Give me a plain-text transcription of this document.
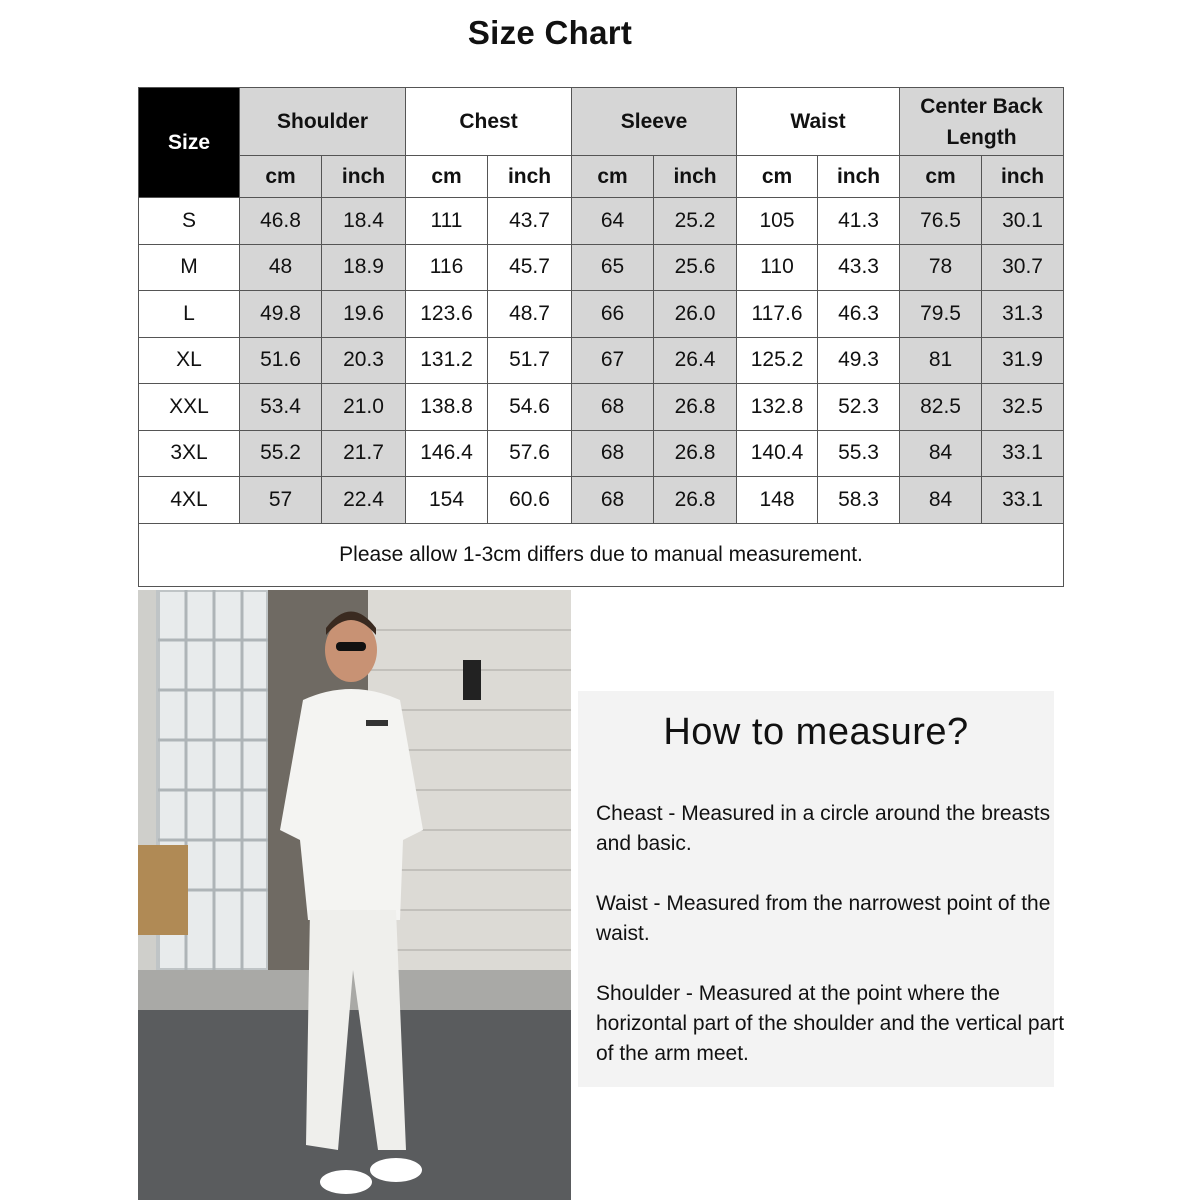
Size Chart
Size	Shoulder		Chest		Sleeve		Waist		Center Back Length	
	cm	inch	cm	inch	cm	inch	cm	inch	cm	inch
S	46.8	18.4	111	43.7	64	25.2	105	41.3	76.5	30.1
M	48	18.9	116	45.7	65	25.6	110	43.3	78	30.7
L	49.8	19.6	123.6	48.7	66	26.0	117.6	46.3	79.5	31.3
XL	51.6	20.3	131.2	51.7	67	26.4	125.2	49.3	81	31.9
XXL	53.4	21.0	138.8	54.6	68	26.8	132.8	52.3	82.5	32.5
3XL	55.2	21.7	146.4	57.6	68	26.8	140.4	55.3	84	33.1
4XL	57	22.4	154	60.6	68	26.8	148	58.3	84	33.1
Please allow 1-3cm differs due to manual measurement.										
How to measure?

Cheast - Measured in a circle around the breasts and basic.

Waist - Measured from the narrowest point of the waist.

Shoulder - Measured at the point where the horizontal part of the shoulder and the vertical part of the arm meet.
